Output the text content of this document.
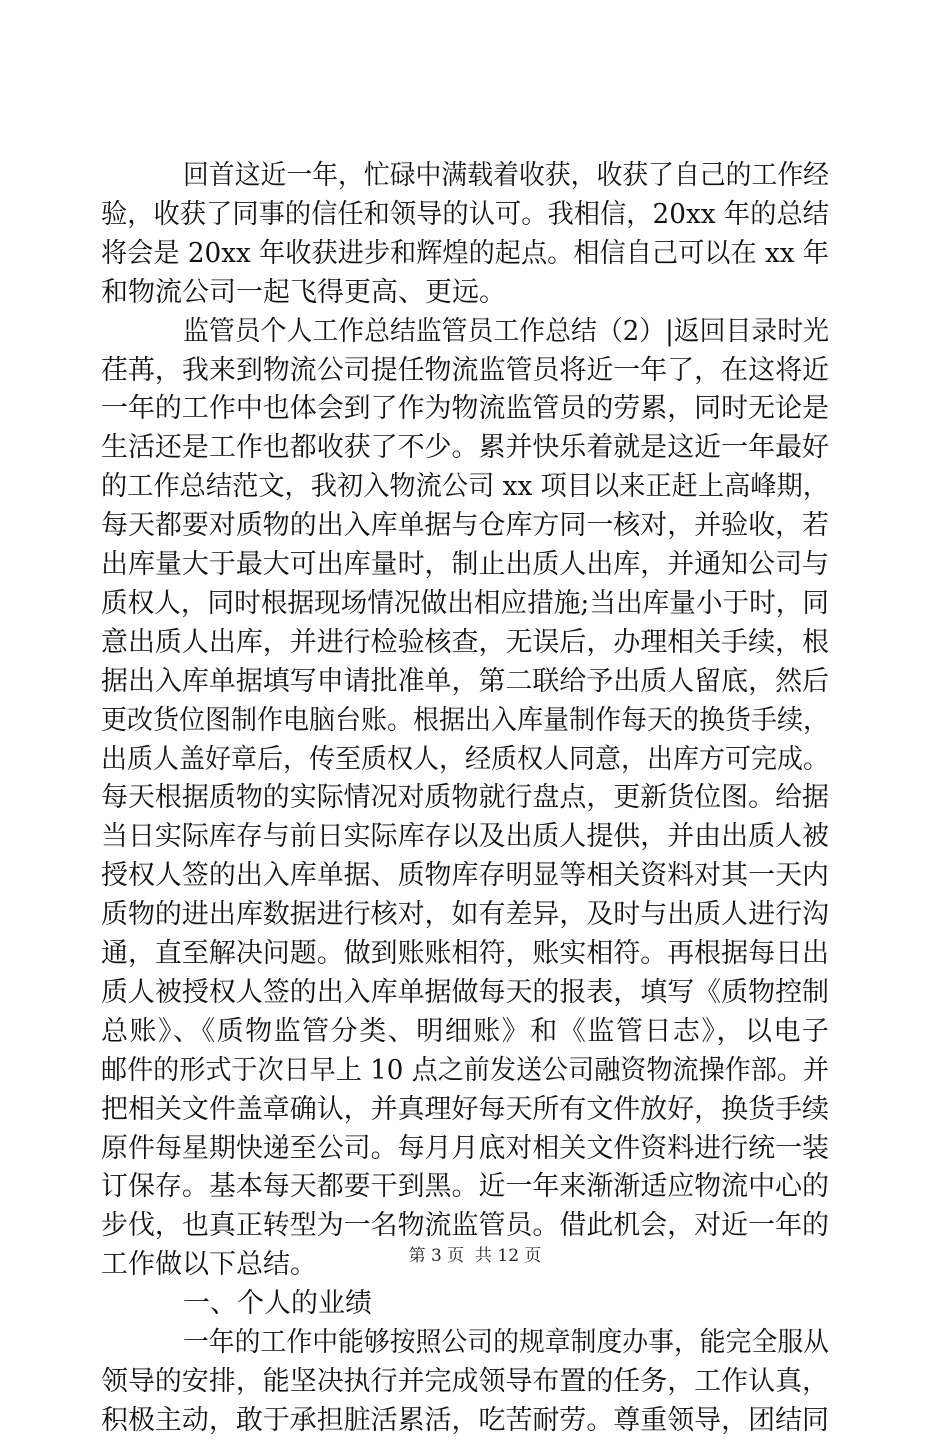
回首这近一年，忙碌中满载着收获，收获了自己的工作经
验，收获了同事的信任和领导的认可。我相信，20xx 年的总结
将会是 20xx 年收获进步和辉煌的起点。相信自己可以在 xx 年
和物流公司一起飞得更高、更远。
监管员个人工作总结监管员工作总结（2）|返回目录时光
荏苒，我来到物流公司提任物流监管员将近一年了，在这将近
一年的工作中也体会到了作为物流监管员的劳累，同时无论是
生活还是工作也都收获了不少。累并快乐着就是这近一年最好
的工作总结范文，我初入物流公司 xx 项目以来正赶上高峰期，
每天都要对质物的出入库单据与仓库方同一核对，并验收，若
出库量大于最大可出库量时，制止出质人出库，并通知公司与
质权人，同时根据现场情况做出相应措施;当出库量小于时，同
意出质人出库，并进行检验核查，无误后，办理相关手续，根
据出入库单据填写申请批准单，第二联给予出质人留底，然后
更改货位图制作电脑台账。根据出入库量制作每天的换货手续，
出质人盖好章后，传至质权人，经质权人同意，出库方可完成。
每天根据质物的实际情况对质物就行盘点，更新货位图。给据
当日实际库存与前日实际库存以及出质人提供，并由出质人被
授权人签的出入库单据、质物库存明显等相关资料对其一天内
质物的进出库数据进行核对，如有差异，及时与出质人进行沟
通，直至解决问题。做到账账相符，账实相符。再根据每日出
质人被授权人签的出入库单据做每天的报表，填写《质物控制
总账》、《质物监管分类、明细账》和《监管日志》，以电子
邮件的形式于次日早上 10 点之前发送公司融资物流操作部。并
把相关文件盖章确认，并真理好每天所有文件放好，换货手续
原件每星期快递至公司。每月月底对相关文件资料进行统一装
订保存。基本每天都要干到黑。近一年来渐渐适应物流中心的
步伐，也真正转型为一名物流监管员。借此机会，对近一年的
工作做以下总结。
一、个人的业绩
一年的工作中能够按照公司的规章制度办事，能完全服从
领导的安排，能坚决执行并完成领导布置的任务，工作认真，
积极主动，敢于承担脏活累活，吃苦耐劳。尊重领导，团结同
第 3 页  共 12 页
